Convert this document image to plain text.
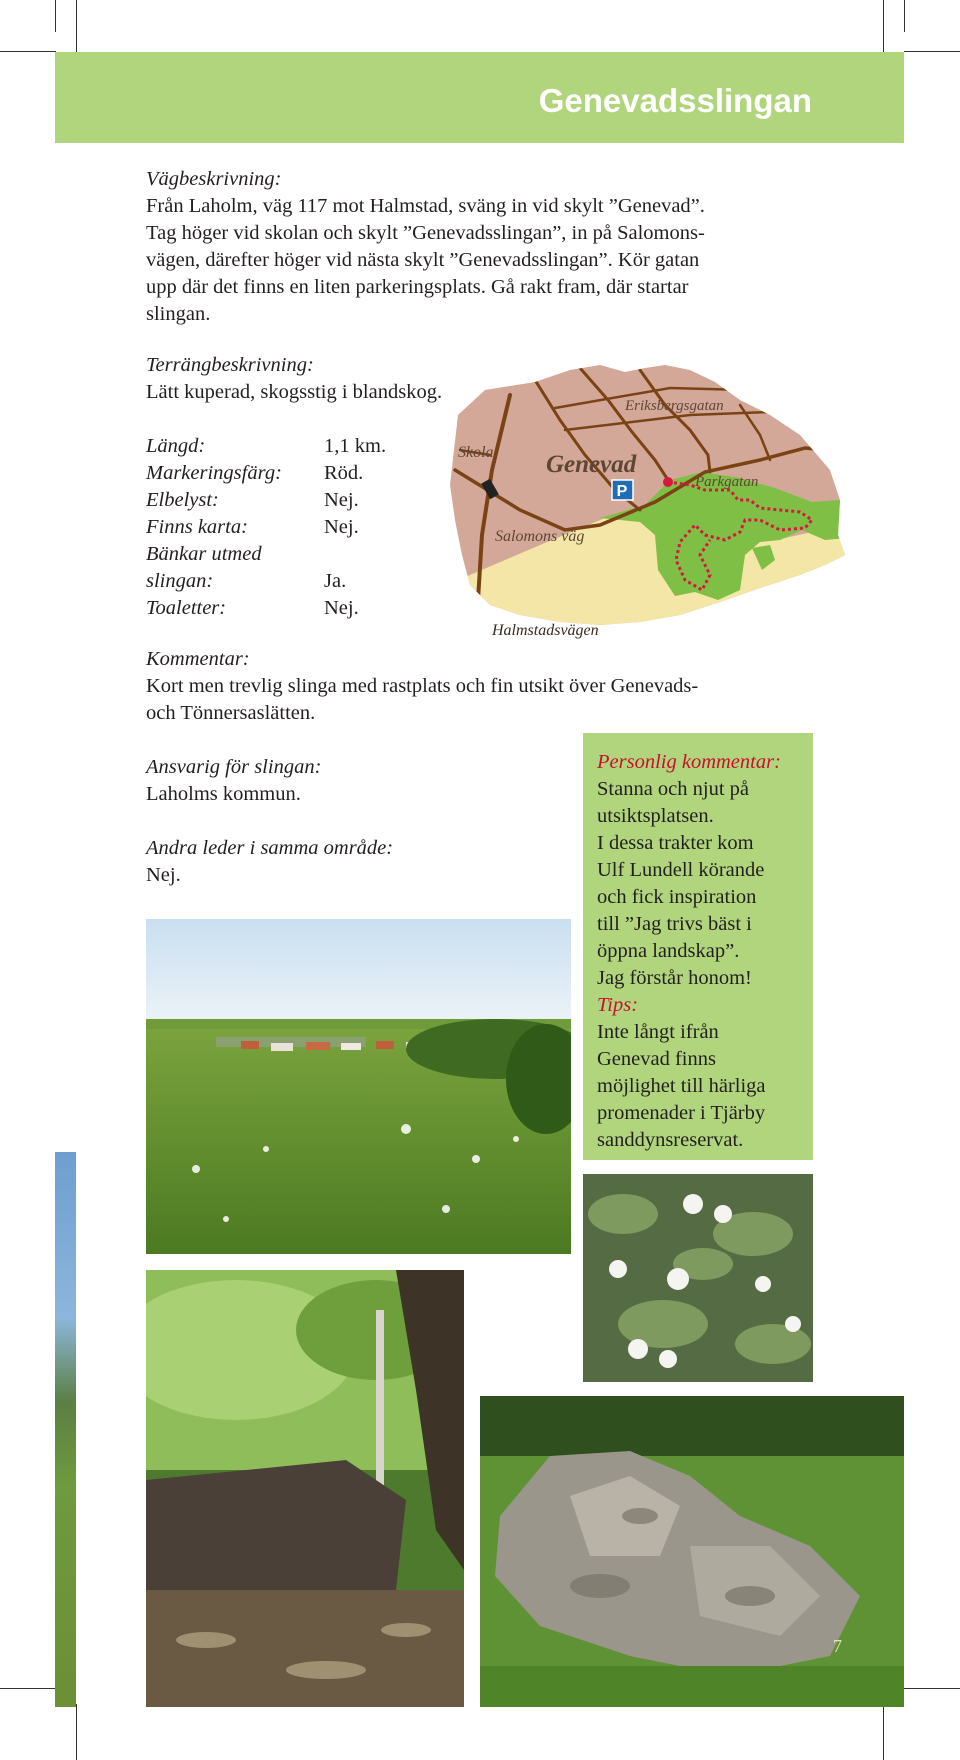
Genevadsslingan
Vägbeskrivning:
Från Laholm, väg 117 mot Halmstad, sväng in vid skylt ”Genevad”.
Tag höger vid skolan och skylt ”Genevadsslingan”, in på Salomons-
vägen, därefter höger vid nästa skylt ”Genevadsslingan”. Kör gatan
upp där det finns en liten parkeringsplats. Gå rakt fram, där startar
slingan.
Terrängbeskrivning:
Lätt kuperad, skogsstig i blandskog.
Längd:	1,1 km.
Markeringsfärg: Röd.
Elbelyst:	Nej.
Finns karta:	Nej.
Bänkar utmed
slingan:	Ja.
Toaletter:	Nej.
P
Eriksbergsgatan
Skola Genevad
Parkgatan
Salomons väg
Halmstadsvägen
Kommentar:
Kort men trevlig slinga med rastplats och fin utsikt över Genevads-
och Tönnersaslätten.
Ansvarig för slingan:
Laholms kommun.
Andra leder i samma område:
Nej.
Personlig kommentar:
Stanna och njut på
utsiktsplatsen.
I dessa trakter kom
Ulf Lundell körande
och fick inspiration
till ”Jag trivs bäst i
öppna landskap”.
Jag förstår honom!
Tips:
Inte långt ifrån
Genevad finns
möjlighet till härliga
promenader i Tjärby
sanddynsreservat.
7
